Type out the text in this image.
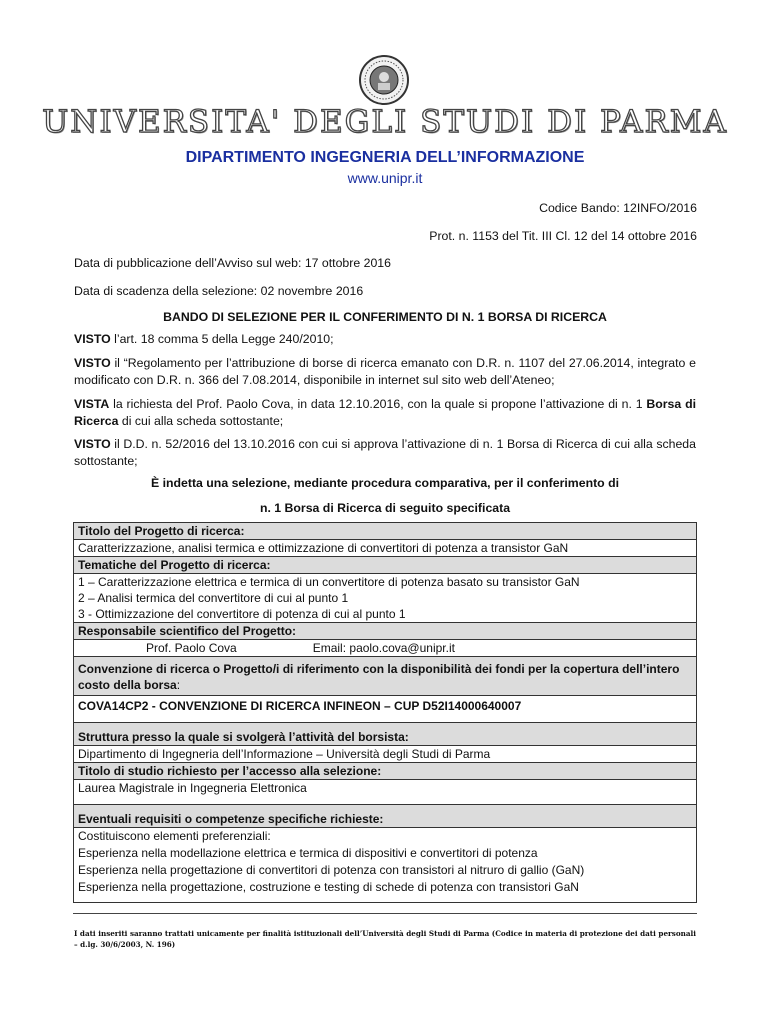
UNIVERSITA' DEGLI STUDI DI PARMA
DIPARTIMENTO INGEGNERIA DELL’INFORMAZIONE
www.unipr.it
Codice Bando: 12INFO/2016
Prot. n. 1153 del Tit. III Cl. 12 del 14 ottobre 2016
Data di pubblicazione dell’Avviso sul web: 17 ottobre 2016
Data di scadenza della selezione: 02 novembre 2016
BANDO DI SELEZIONE PER IL CONFERIMENTO DI N. 1 BORSA DI RICERCA
VISTO l’art. 18 comma 5 della Legge 240/2010;
VISTO il “Regolamento per l’attribuzione di borse di ricerca emanato con D.R. n. 1107 del 27.06.2014, integrato e modificato con D.R. n. 366 del 7.08.2014, disponibile in internet sul sito web dell’Ateneo;
VISTA la richiesta del Prof. Paolo Cova, in data 12.10.2016, con la quale si propone l’attivazione di n. 1 Borsa di Ricerca di cui alla scheda sottostante;
VISTO il D.D. n. 52/2016 del 13.10.2016 con cui si approva l’attivazione di n. 1 Borsa di Ricerca di cui alla scheda sottostante;
È indetta una selezione, mediante procedura comparativa, per il conferimento di
n. 1 Borsa di Ricerca di seguito specificata
Titolo del Progetto di ricerca:
Caratterizzazione, analisi termica e ottimizzazione di convertitori di potenza a transistor GaN
Tematiche del Progetto di ricerca:

1 – Caratterizzazione elettrica e termica di un convertitore di potenza basato su transistor GaN
2 – Analisi termica del convertitore di cui al punto 1
3 - Ottimizzazione del convertitore di potenza di cui al punto 1

Responsabile scientifico del Progetto:
Prof. Paolo Cova	Email: paolo.cova@unipr.it
Convenzione di ricerca o Progetto/i di riferimento con la disponibilità dei fondi per la copertura dell’intero costo della borsa:
COVA14CP2 - CONVENZIONE DI RICERCA INFINEON – CUP D52I14000640007
Struttura presso la quale si svolgerà l’attività del borsista:
Dipartimento di Ingegneria dell’Informazione – Università degli Studi di Parma
Titolo di studio richiesto per l’accesso alla selezione:
Laurea Magistrale in Ingegneria Elettronica
Eventuali requisiti o competenze specifiche richieste:

Costituiscono elementi preferenziali:
Esperienza nella modellazione elettrica e termica di dispositivi e convertitori di potenza
Esperienza nella progettazione di convertitori di potenza con transistori al nitruro di gallio (GaN)
Esperienza nella progettazione, costruzione e testing di schede di potenza con transistori GaN
I dati inseriti saranno trattati unicamente per finalità istituzionali dell’Università degli Studi di Parma (Codice in materia di protezione dei dati personali – d.lg. 30/6/2003, N. 196)
